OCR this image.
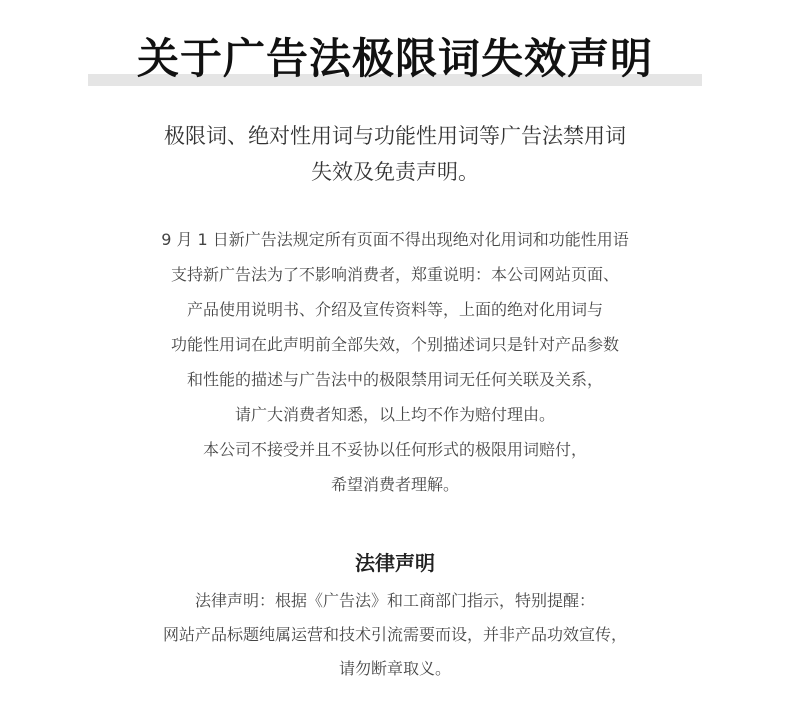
关于广告法极限词失效声明
极限词、绝对性用词与功能性用词等广告法禁用词
失效及免责声明。
9 月 1 日新广告法规定所有页面不得出现绝对化用词和功能性用语
支持新广告法为了不影响消费者，郑重说明：本公司网站页面、
产品使用说明书、介绍及宣传资料等，上面的绝对化用词与
功能性用词在此声明前全部失效，个别描述词只是针对产品参数
和性能的描述与广告法中的极限禁用词无任何关联及关系，
请广大消费者知悉，以上均不作为赔付理由。
本公司不接受并且不妥协以任何形式的极限用词赔付，
希望消费者理解。
法律声明
法律声明：根据《广告法》和工商部门指示，特别提醒：
网站产品标题纯属运营和技术引流需要而设，并非产品功效宣传，
请勿断章取义。
